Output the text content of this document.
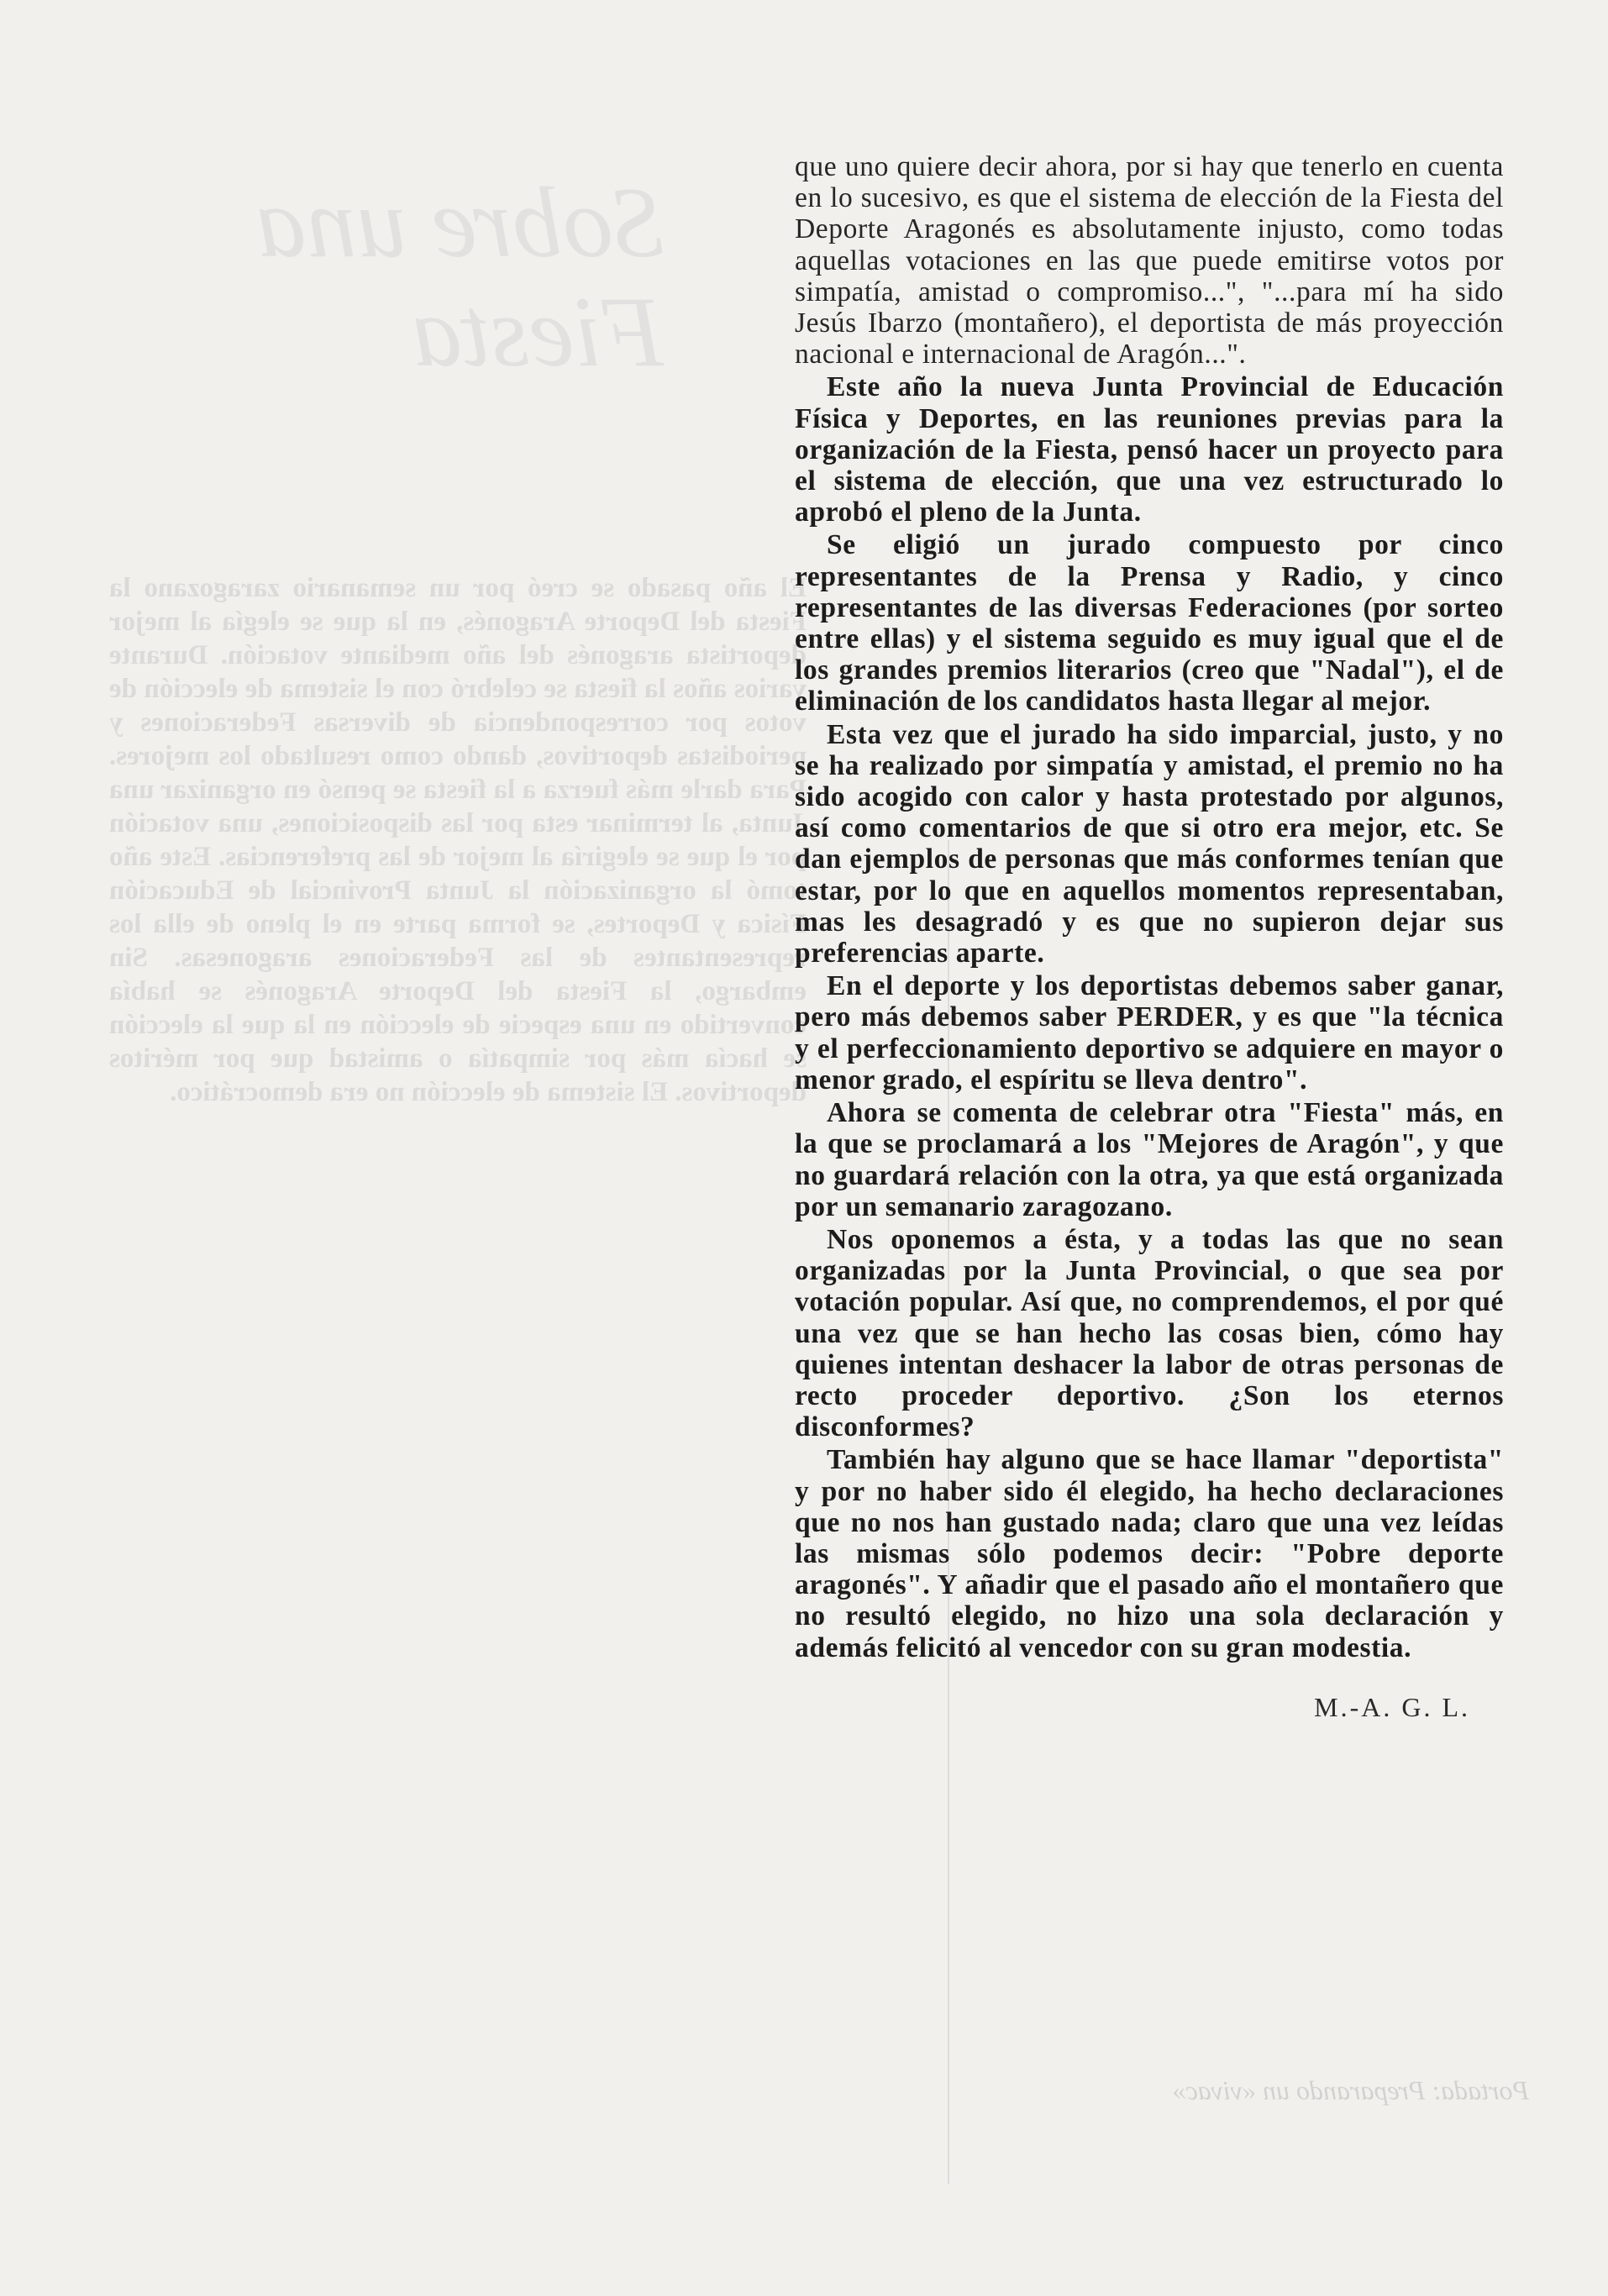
Sobre una Fiesta
El año pasado se creó por un semanario zaragozano la Fiesta del Deporte Aragonés, en la que se elegía al mejor deportista aragonés del año mediante votación. Durante varios años la fiesta se celebró con el sistema de elección de votos por correspondencia de diversas Federaciones y periodistas deportivos, dando como resultado los mejores. Para darle más fuerza a la fiesta se pensó en organizar una Junta, al terminar esta por las disposiciones, una votación por el que se elegiría al mejor de las preferencias. Este año tomó la organización la Junta Provincial de Educación Física y Deportes, se forma parte en el pleno de ella los representantes de las Federaciones aragonesas. Sin embargo, la Fiesta del Deporte Aragonés se había convertido en una especie de elección en la que la elección se hacía más por simpatía o amistad que por méritos deportivos. El sistema de elección no era democrático.
Portada: Preparando un «vivac»

que uno quiere decir ahora, por si hay que tenerlo en cuenta en lo sucesivo, es que el sistema de elección de la Fiesta del Deporte Aragonés es absolutamente injusto, como todas aquellas votaciones en las que puede emitirse votos por simpatía, amistad o compromiso...", "...para mí ha sido Jesús Ibarzo (montañero), el deportista de más proyección nacional e internacional de Aragón...".

Este año la nueva Junta Provincial de Educación Física y Deportes, en las reuniones previas para la organización de la Fiesta, pensó hacer un proyecto para el sistema de elección, que una vez estructurado lo aprobó el pleno de la Junta.

Se eligió un jurado compuesto por cinco representantes de la Prensa y Radio, y cinco representantes de las diversas Federaciones (por sorteo entre ellas) y el sistema seguido es muy igual que el de los grandes premios literarios (creo que "Nadal"), el de eliminación de los candidatos hasta llegar al mejor.

Esta vez que el jurado ha sido imparcial, justo, y no se ha realizado por simpatía y amistad, el premio no ha sido acogido con calor y hasta protestado por algunos, así como comentarios de que si otro era mejor, etc. Se dan ejemplos de personas que más conformes tenían que estar, por lo que en aquellos momentos representaban, mas les desagradó y es que no supieron dejar sus preferencias aparte.

En el deporte y los deportistas debemos saber ganar, pero más debemos saber PERDER, y es que "la técnica y el perfeccionamiento deportivo se adquiere en mayor o menor grado, el espíritu se lleva dentro".

Ahora se comenta de celebrar otra "Fiesta" más, en la que se proclamará a los "Mejores de Aragón", y que no guardará relación con la otra, ya que está organizada por un semanario zaragozano.

Nos oponemos a ésta, y a todas las que no sean organizadas por la Junta Provincial, o que sea por votación popular. Así que, no comprendemos, el por qué una vez que se han hecho las cosas bien, cómo hay quienes intentan deshacer la labor de otras personas de recto proceder deportivo. ¿Son los eternos disconformes?

También hay alguno que se hace llamar "deportista" y por no haber sido él elegido, ha hecho declaraciones que no nos han gustado nada; claro que una vez leídas las mismas sólo podemos decir: "Pobre deporte aragonés". Y añadir que el pasado año el montañero que no resultó elegido, no hizo una sola declaración y además felicitó al vencedor con su gran modestia.

M.-A. G. L.
